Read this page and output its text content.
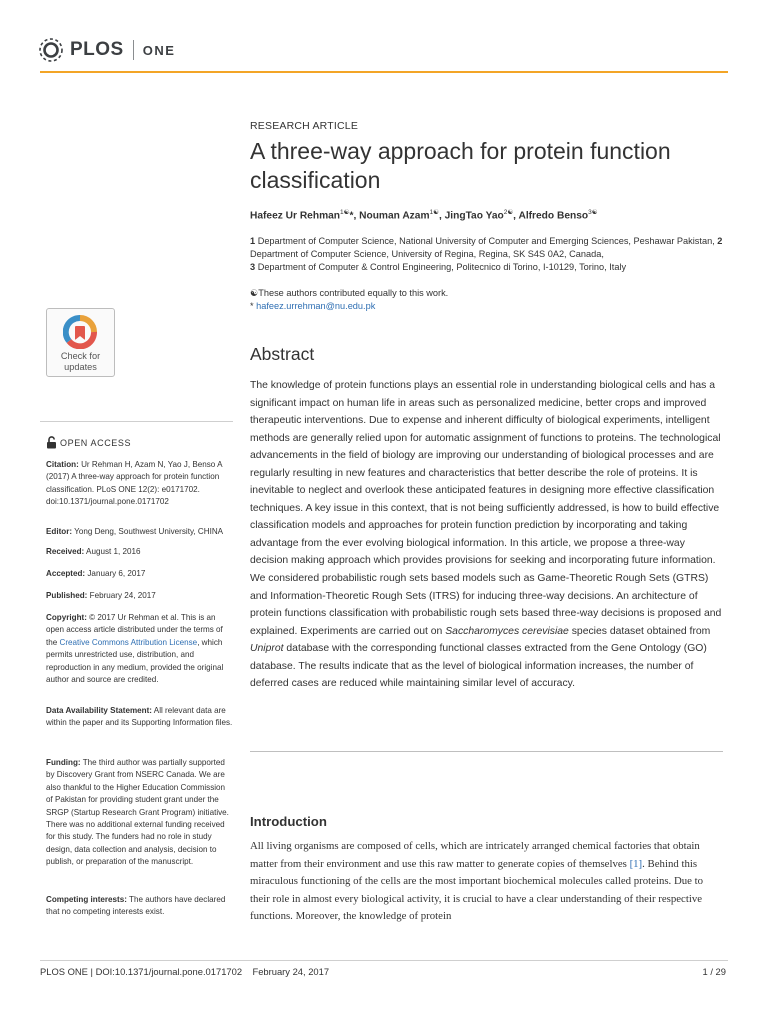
PLOS ONE
Check for
updates
OPEN ACCESS
Citation: Ur Rehman H, Azam N, Yao J, Benso A (2017) A three-way approach for protein function classification. PLoS ONE 12(2): e0171702. doi:10.1371/journal.pone.0171702
Editor: Yong Deng, Southwest University, CHINA
Received: August 1, 2016
Accepted: January 6, 2017
Published: February 24, 2017
Copyright: © 2017 Ur Rehman et al. This is an open access article distributed under the terms of the Creative Commons Attribution License, which permits unrestricted use, distribution, and reproduction in any medium, provided the original author and source are credited.
Data Availability Statement: All relevant data are within the paper and its Supporting Information files.
Funding: The third author was partially supported by Discovery Grant from NSERC Canada. We are also thankful to the Higher Education Commission of Pakistan for providing student grant under the SRGP (Startup Research Grant Program) initiative. There was no additional external funding received for this study. The funders had no role in study design, data collection and analysis, decision to publish, or preparation of the manuscript.
Competing interests: The authors have declared that no competing interests exist.
RESEARCH ARTICLE
A three-way approach for protein function classification
Hafeez Ur Rehman$^{1☯}$*, Nouman Azam$^{1☯}$, JingTao Yao$^{2☯}$, Alfredo Benso$^{3☯}$
1 Department of Computer Science, National University of Computer and Emerging Sciences, Peshawar Pakistan, 2 Department of Computer Science, University of Regina, Regina, SK S4S 0A2, Canada,
3 Department of Computer & Control Engineering, Politecnico di Torino, I-10129, Torino, Italy
☯These authors contributed equally to this work.
* hafeez.urrehman@nu.edu.pk
Abstract
The knowledge of protein functions plays an essential role in understanding biological cells and has a significant impact on human life in areas such as personalized medicine, better crops and improved therapeutic interventions. Due to expense and inherent difficulty of biological experiments, intelligent methods are generally relied upon for automatic assignment of functions to proteins. The technological advancements in the field of biology are improving our understanding of biological processes and are regularly resulting in new features and characteristics that better describe the role of proteins. It is inevitable to neglect and overlook these anticipated features in designing more effective classification techniques. A key issue in this context, that is not being sufficiently addressed, is how to build effective classification models and approaches for protein function prediction by incorporating and taking advantage from the ever evolving biological information. In this article, we propose a three-way decision making approach which provides provisions for seeking and incorporating future information. We considered probabilistic rough sets based models such as Game-Theoretic Rough Sets (GTRS) and Information-Theoretic Rough Sets (ITRS) for inducing three-way decisions. An architecture of protein functions classification with probabilistic rough sets based three-way decisions is proposed and explained. Experiments are carried out on Saccharomyces cerevisiae species dataset obtained from Uniprot database with the corresponding functional classes extracted from the Gene Ontology (GO) database. The results indicate that as the level of biological information increases, the number of deferred cases are reduced while maintaining similar level of accuracy.
Introduction
All living organisms are composed of cells, which are intricately arranged chemical factories that obtain matter from their environment and use this raw matter to generate copies of themselves [1]. Behind this miraculous functioning of the cells are the most important biochemical molecules called proteins. Due to their role in almost every biological activity, it is crucial to have a clear understanding of their respective functions. Moreover, the knowledge of protein
PLOS ONE | DOI:10.1371/journal.pone.0171702    February 24, 2017	1 / 29
